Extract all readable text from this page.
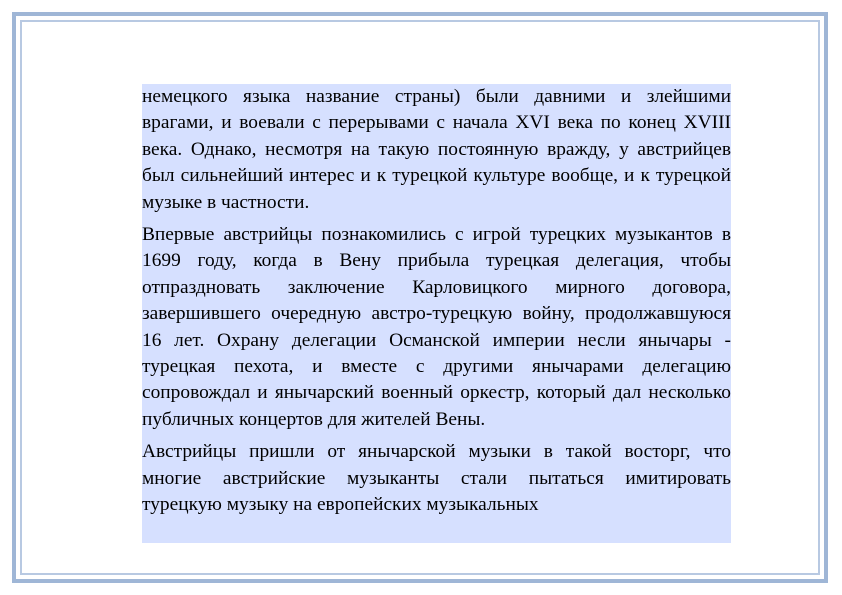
немецкого языка название страны) были давними и злейшими врагами, и воевали с перерывами с начала XVI века по конец XVIII века. Однако, несмотря на такую постоянную вражду, у австрийцев был сильнейший интерес и к турецкой культуре вообще, и к турецкой музыке в частности.

Впервые австрийцы познакомились с игрой турецких музыкантов в 1699 году, когда в Вену прибыла турецкая делегация, чтобы отпраздновать заключение Карловицкого мирного договора, завершившего очередную австро-турецкую войну, продолжавшуюся 16 лет. Охрану делегации Османской империи несли янычары - турецкая пехота, и вместе с другими янычарами делегацию сопровождал и янычарский военный оркестр, который дал несколько публичных концертов для жителей Вены.

Австрийцы пришли от янычарской музыки в такой восторг, что многие австрийские музыканты стали пытаться имитировать турецкую музыку на европейских музыкальных
